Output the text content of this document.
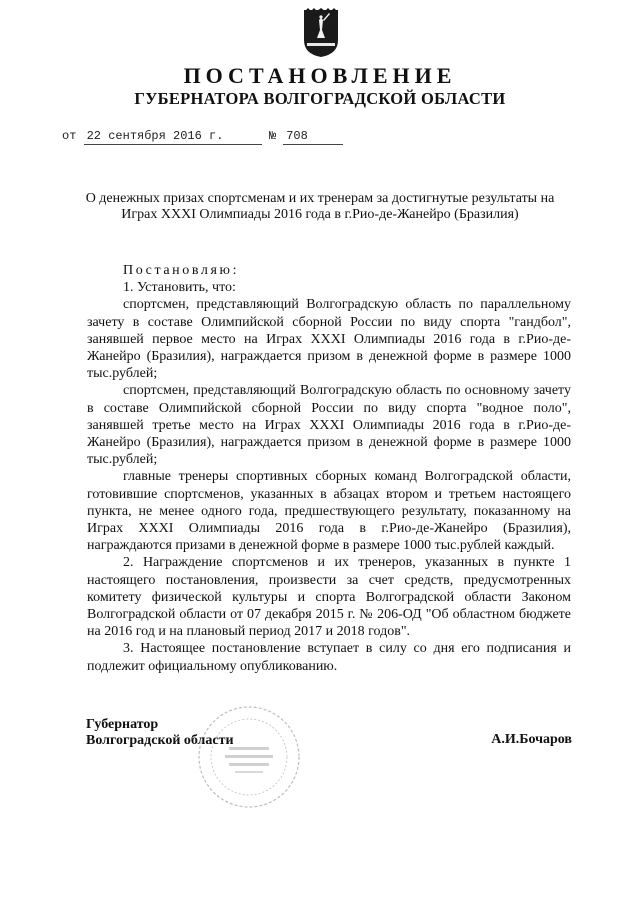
ПОСТАНОВЛЕНИЕ
ГУБЕРНАТОРА ВОЛГОГРАДСКОЙ ОБЛАСТИ
от 22 сентября 2016 г.	№ 708
О денежных призах спортсменам и их тренерам за достигнутые результаты на Играх XXXI Олимпиады 2016 года в г.Рио-де-Жанейро (Бразилия)

Постановляю:

1. Установить, что:

спортсмен, представляющий Волгоградскую область по параллельному зачету в составе Олимпийской сборной России по виду спорта "гандбол", занявшей первое место на Играх XXXI Олимпиады 2016 года в г.Рио-де-Жанейро (Бразилия), награждается призом в денежной форме в размере 1000 тыс.рублей;

спортсмен, представляющий Волгоградскую область по основному зачету в составе Олимпийской сборной России по виду спорта "водное поло", занявшей третье место на Играх XXXI Олимпиады 2016 года в г.Рио-де-Жанейро (Бразилия), награждается призом в денежной форме в размере 1000 тыс.рублей;

главные тренеры спортивных сборных команд Волгоградской области, готовившие спортсменов, указанных в абзацах втором и третьем настоящего пункта, не менее одного года, предшествующего результату, показанному на Играх XXXI Олимпиады 2016 года в г.Рио-де-Жанейро (Бразилия), награждаются призами в денежной форме в размере 1000 тыс.рублей каждый.

2. Награждение спортсменов и их тренеров, указанных в пункте 1 настоящего постановления, произвести за счет средств, предусмотренных комитету физической культуры и спорта Волгоградской области Законом Волгоградской области от 07 декабря 2015 г. № 206-ОД "Об областном бюджете на 2016 год и на плановый период 2017 и 2018 годов".

3. Настоящее постановление вступает в силу со дня его подписания и подлежит официальному опубликованию.

Губернатор
Волгоградской области	А.И.Бочаров
